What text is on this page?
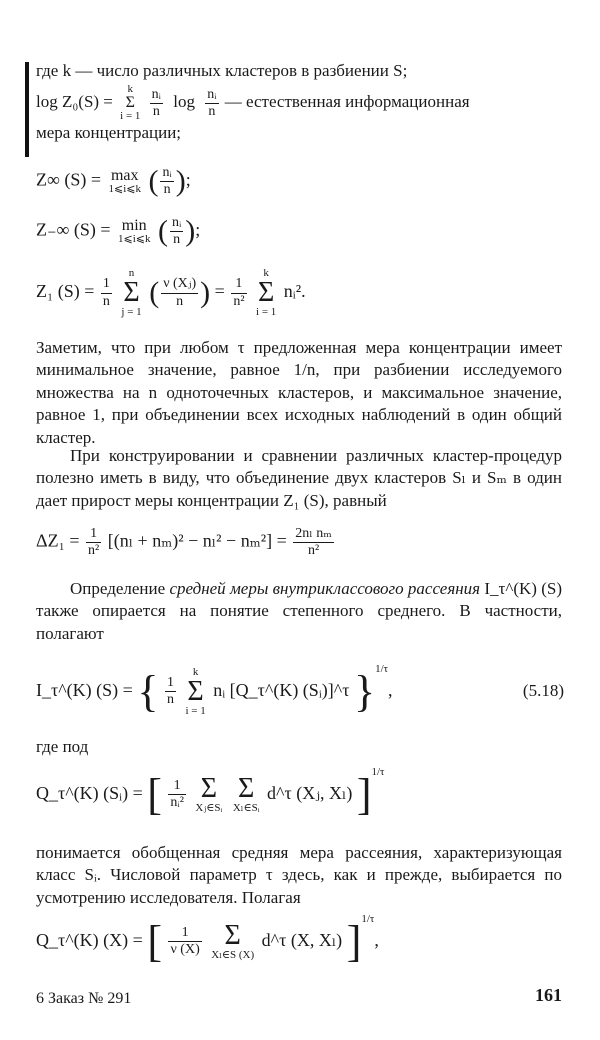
где k — число различных кластеров в разбиении S;

log Z₀(S) =
k
Σ
i = 1
$\frac{\text{nᵢ}}{n}$ $\log \frac{\text{nᵢ}}{n}$ — естественная информационная

мера концентрации;

Z∞ (S) = max
1⩽i⩽k ( $\frac{\text{nᵢ}}{n}$ );
Z₋∞ (S) = min
1⩽i⩽k ( $\frac{\text{nᵢ}}{n}$ );
Z₁ $(S) = \frac{1}{n}$

n
Σ
j = 1
( $\frac{\text{ν (Xⱼ)}}{n}$ ) = $\frac{1}{\text{n²}}$

k
Σ
i = 1
nᵢ².

Заметим, что при любом τ предложенная мера концентрации имеет минимальное значение, равное 1/n, при разбиении исследуемого множества на n одноточечных кластеров, и максимальное значение, равное 1, при объединении всех исходных наблюдений в один общий кластер.

При конструировании и сравнении различных кластер-процедур полезно иметь в виду, что объединение двух кластеров Sₗ и Sₘ в один дает прирост меры концентрации Z₁ (S), равный

$\Delta Z_1 = \frac{1}{\text{n²}} [(n_l + n_m)^2 - n_l^2 - n_m^2] = \frac{\text{2nₗ nₘ}}{\text{n²}}$

Определение средней меры внутриклассового рассеяния I_τ^(K) (S) также опирается на понятие степенного среднего. В частности, полагают

I_τ^(K) (S) = { $\frac{1}{n}$

k
Σ
i = 1
nᵢ [Q_τ^(K) (Sᵢ)]^τ }$^{1/\tau}$,	(5.18)

где под

Q_τ^(K) (Sᵢ) = [ $\frac{1}{\text{nᵢ²}}$
Σ
Xⱼ∈Sᵢ

Σ
Xₗ∈Sᵢ
d^τ (Xⱼ, Xₗ) ]$^{1/\tau}$

понимается обобщенная средняя мера рассеяния, характеризующая класс Sᵢ. Числовой параметр τ здесь, как и прежде, выбирается по усмотрению исследователя. Полагая

Q_τ^(K) (X) = [ $\frac{1}{\nu (X)}$
Σ
Xₗ∈S (X)
d^τ (X, Xₗ) ]$^{1/\tau}$,
6 Заказ № 291	161
